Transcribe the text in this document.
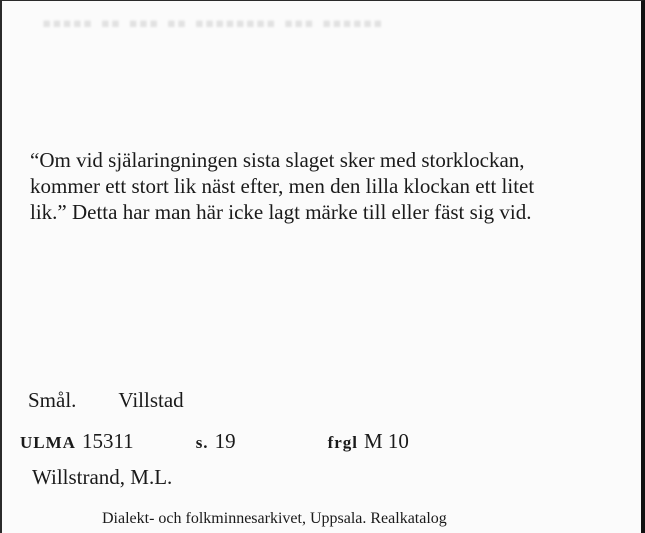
▪▪▪▪▪ ▪▪ ▪▪▪ ▪▪ ▪▪▪▪▪▪▪▪ ▪▪▪ ▪▪▪▪▪▪

“Om vid själaringningen sista slaget sker med storklockan,
kommer ett stort lik näst efter, men den lilla klockan ett litet
lik.” Detta har man här icke lagt märke till eller fäst sig vid.

Smål. Villstad
ULMA 15311	s. 19	frgl M 10
Willstrand, M.L.
Dialekt- och folkminnesarkivet, Uppsala. Realkatalog
